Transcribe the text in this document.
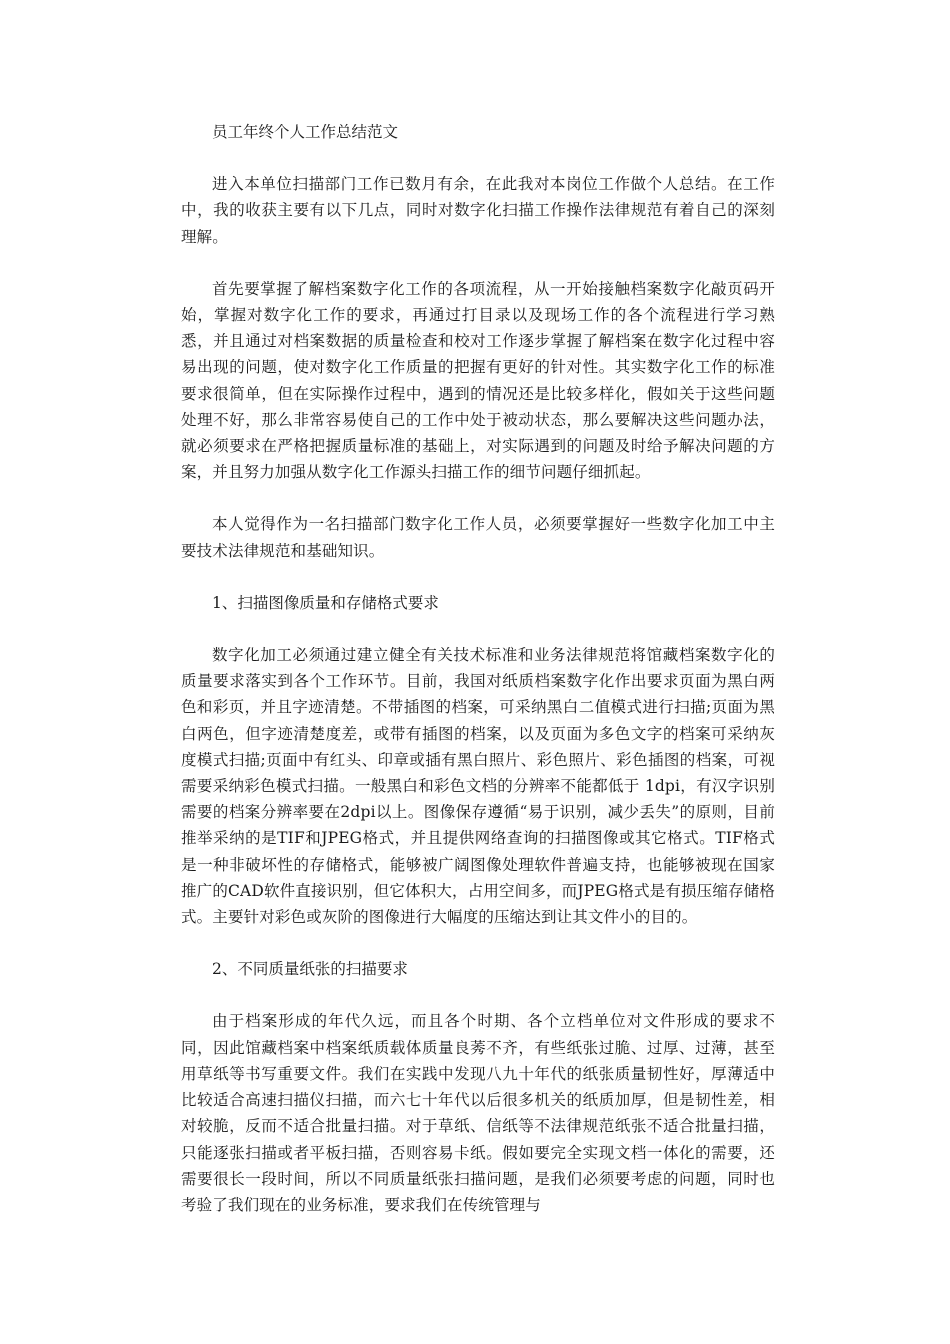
员工年终个人工作总结范文

进入本单位扫描部门工作已数月有余，在此我对本岗位工作做个人总结。在工作中，我的收获主要有以下几点，同时对数字化扫描工作操作法律规范有着自己的深刻理解。

首先要掌握了解档案数字化工作的各项流程，从一开始接触档案数字化敲页码开始，掌握对数字化工作的要求，再通过打目录以及现场工作的各个流程进行学习熟悉，并且通过对档案数据的质量检查和校对工作逐步掌握了解档案在数字化过程中容易出现的问题，使对数字化工作质量的把握有更好的针对性。其实数字化工作的标准要求很简单，但在实际操作过程中，遇到的情况还是比较多样化，假如关于这些问题处理不好，那么非常容易使自己的工作中处于被动状态，那么要解决这些问题办法，就必须要求在严格把握质量标准的基础上，对实际遇到的问题及时给予解决问题的方案，并且努力加强从数字化工作源头扫描工作的细节问题仔细抓起。

本人觉得作为一名扫描部门数字化工作人员，必须要掌握好一些数字化加工中主要技术法律规范和基础知识。

1、扫描图像质量和存储格式要求

数字化加工必须通过建立健全有关技术标准和业务法律规范将馆藏档案数字化的质量要求落实到各个工作环节。目前，我国对纸质档案数字化作出要求页面为黑白两色和彩页，并且字迹清楚。不带插图的档案，可采纳黑白二值模式进行扫描;页面为黑白两色，但字迹清楚度差，或带有插图的档案，以及页面为多色文字的档案可采纳灰度模式扫描;页面中有红头、印章或插有黑白照片、彩色照片、彩色插图的档案，可视需要采纳彩色模式扫描。一般黑白和彩色文档的分辨率不能都低于 1dpi，有汉字识别需要的档案分辨率要在2dpi以上。图像保存遵循“易于识别，减少丢失”的原则，目前推举采纳的是TIF和JPEG格式，并且提供网络查询的扫描图像或其它格式。TIF格式是一种非破坏性的存储格式，能够被广阔图像处理软件普遍支持，也能够被现在国家推广的CAD软件直接识别，但它体积大，占用空间多，而JPEG格式是有损压缩存储格式。主要针对彩色或灰阶的图像进行大幅度的压缩达到让其文件小的目的。

2、不同质量纸张的扫描要求

由于档案形成的年代久远，而且各个时期、各个立档单位对文件形成的要求不同，因此馆藏档案中档案纸质载体质量良莠不齐，有些纸张过脆、过厚、过薄，甚至用草纸等书写重要文件。我们在实践中发现八九十年代的纸张质量韧性好，厚薄适中比较适合高速扫描仪扫描，而六七十年代以后很多机关的纸质加厚，但是韧性差，相对较脆，反而不适合批量扫描。对于草纸、信纸等不法律规范纸张不适合批量扫描，只能逐张扫描或者平板扫描，否则容易卡纸。假如要完全实现文档一体化的需要，还需要很长一段时间，所以不同质量纸张扫描问题，是我们必须要考虑的问题，同时也考验了我们现在的业务标准，要求我们在传统管理与
